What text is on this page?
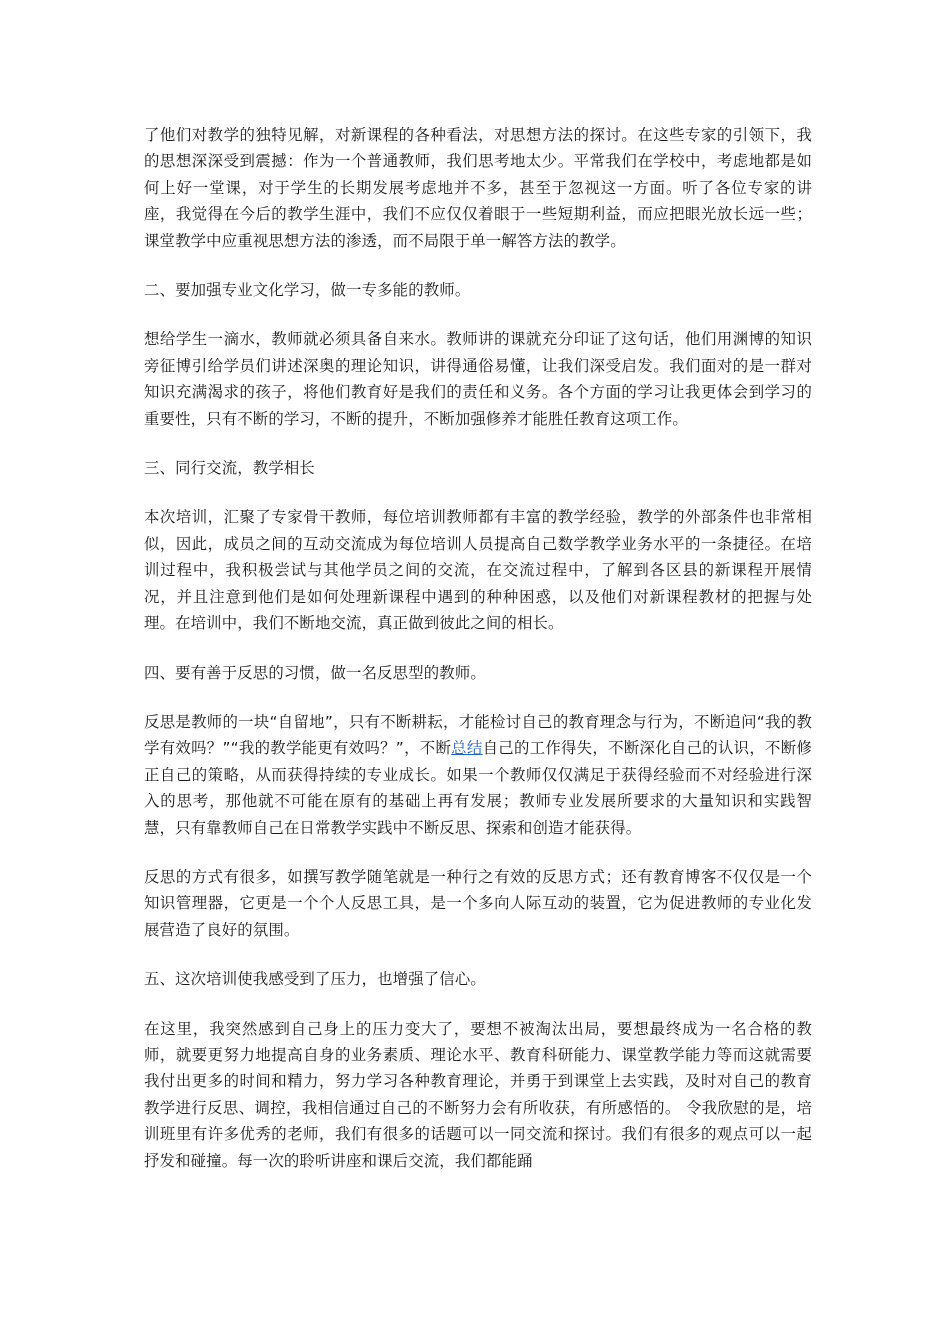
了他们对教学的独特见解，对新课程的各种看法，对思想方法的探讨。在这些专家的引领下，我的思想深深受到震撼：作为一个普通教师，我们思考地太少。平常我们在学校中，考虑地都是如何上好一堂课，对于学生的长期发展考虑地并不多，甚至于忽视这一方面。听了各位专家的讲座，我觉得在今后的教学生涯中，我们不应仅仅着眼于一些短期利益，而应把眼光放长远一些；课堂教学中应重视思想方法的渗透，而不局限于单一解答方法的教学。

二、要加强专业文化学习，做一专多能的教师。

想给学生一滴水，教师就必须具备自来水。教师讲的课就充分印证了这句话，他们用渊博的知识旁征博引给学员们讲述深奥的理论知识，讲得通俗易懂，让我们深受启发。我们面对的是一群对知识充满渴求的孩子，将他们教育好是我们的责任和义务。各个方面的学习让我更体会到学习的重要性，只有不断的学习，不断的提升，不断加强修养才能胜任教育这项工作。

三、同行交流，教学相长

本次培训，汇聚了专家骨干教师，每位培训教师都有丰富的教学经验，教学的外部条件也非常相似，因此，成员之间的互动交流成为每位培训人员提高自己数学教学业务水平的一条捷径。在培训过程中，我积极尝试与其他学员之间的交流，在交流过程中，了解到各区县的新课程开展情况，并且注意到他们是如何处理新课程中遇到的种种困惑，以及他们对新课程教材的把握与处理。在培训中，我们不断地交流，真正做到彼此之间的相长。

四、要有善于反思的习惯，做一名反思型的教师。

反思是教师的一块“自留地”，只有不断耕耘，才能检讨自己的教育理念与行为，不断追问“我的教学有效吗？”“我的教学能更有效吗？”，不断总结自己的工作得失，不断深化自己的认识，不断修正自己的策略，从而获得持续的专业成长。如果一个教师仅仅满足于获得经验而不对经验进行深入的思考，那他就不可能在原有的基础上再有发展；教师专业发展所要求的大量知识和实践智慧，只有靠教师自己在日常教学实践中不断反思、探索和创造才能获得。

反思的方式有很多，如撰写教学随笔就是一种行之有效的反思方式；还有教育博客不仅仅是一个知识管理器，它更是一个个人反思工具，是一个多向人际互动的装置，它为促进教师的专业化发展营造了良好的氛围。

五、这次培训使我感受到了压力，也增强了信心。

在这里，我突然感到自己身上的压力变大了，要想不被淘汰出局，要想最终成为一名合格的教师，就要更努力地提高自身的业务素质、理论水平、教育科研能力、课堂教学能力等而这就需要我付出更多的时间和精力，努力学习各种教育理论，并勇于到课堂上去实践，及时对自己的教育教学进行反思、调控，我相信通过自己的不断努力会有所收获，有所感悟的。 令我欣慰的是，培训班里有许多优秀的老师，我们有很多的话题可以一同交流和探讨。我们有很多的观点可以一起抒发和碰撞。每一次的聆听讲座和课后交流，我们都能踊
